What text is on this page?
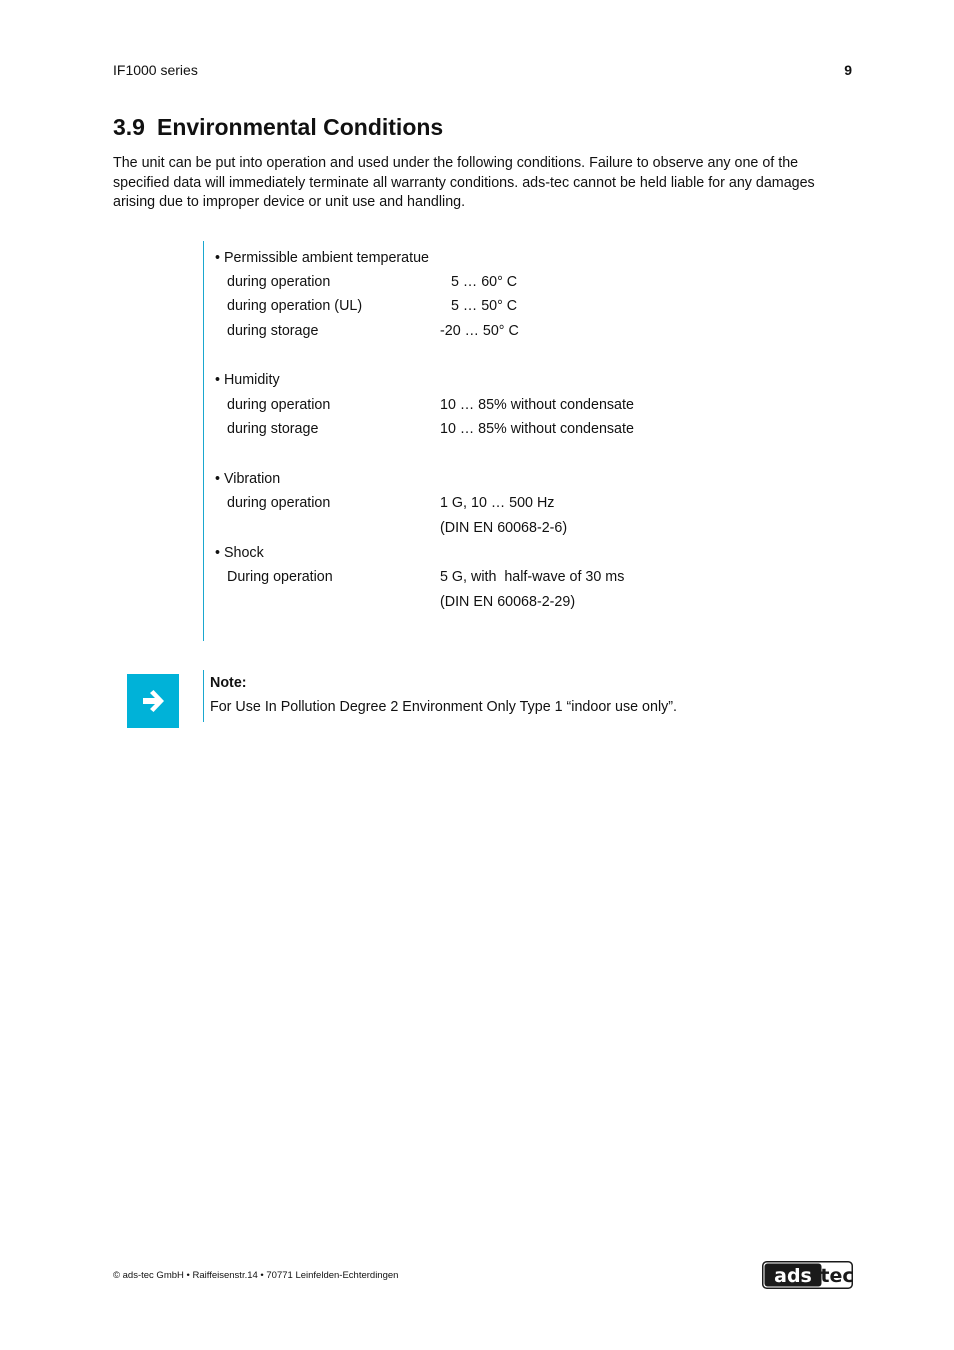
IF1000 series	9
3.9 Environmental Conditions

The unit can be put into operation and used under the following conditions. Failure to observe any one of the specified data will immediately terminate all warranty conditions. ads-tec cannot be held liable for any damages arising due to improper device or unit use and handling.

• Permissible ambient temperatue
during operation	5 … 60° C
during operation (UL)	5 … 50° C
during storage	-20 … 50° C
• Humidity
during operation	10 … 85% without condensate
during storage	10 … 85% without condensate
• Vibration
during operation	1 G, 10 … 500 Hz
(DIN EN 60068-2-6)
• Shock
During operation	5 G, with  half-wave of 30 ms
(DIN EN 60068-2-29)
Note:
For Use In Pollution Degree 2 Environment Only Type 1 “indoor use only”.
© ads-tec GmbH • Raiffeisenstr.14 • 70771 Leinfelden-Echterdingen	ads tec
